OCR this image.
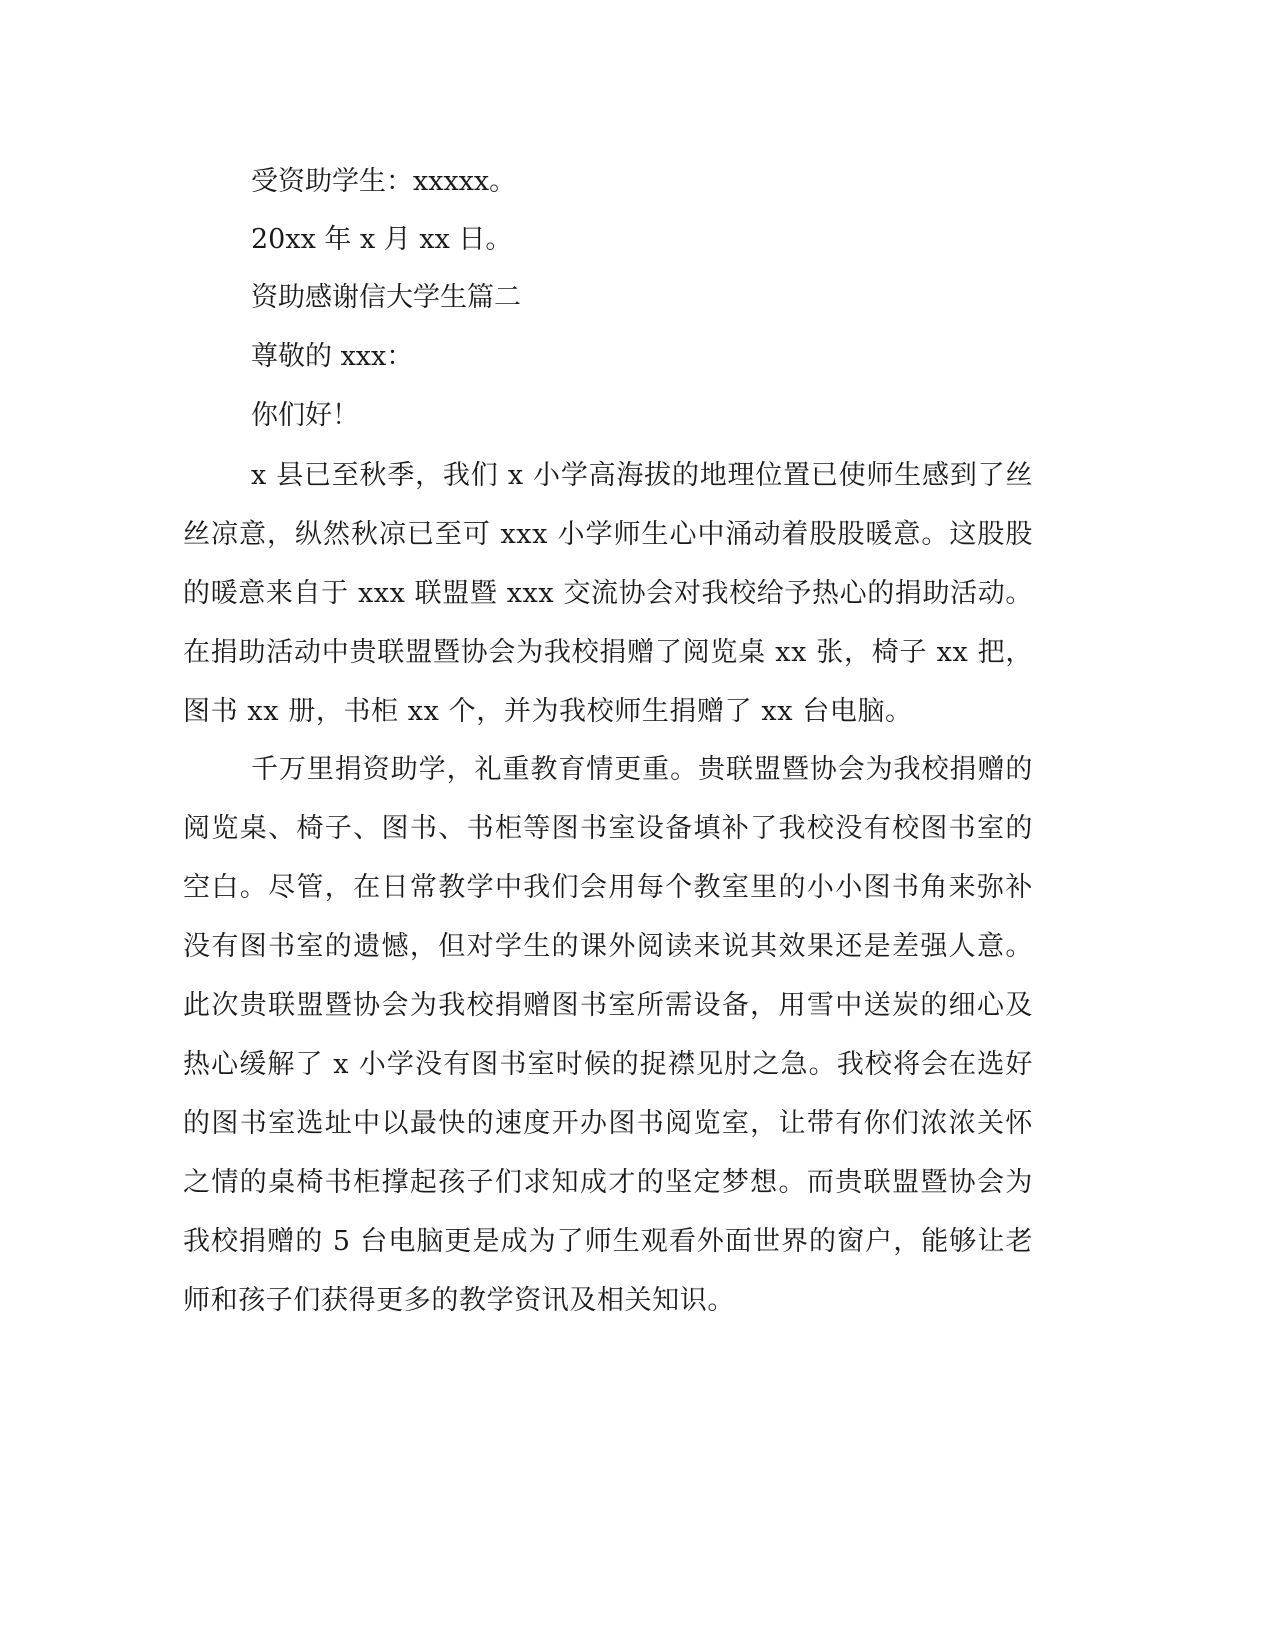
受资助学生：xxxxx。
20xx 年 x 月 xx 日。
资助感谢信大学生篇二
尊敬的 xxx：
你们好！

x 县已至秋季，我们 x 小学高海拔的地理位置已使师生感到了丝丝凉意，纵然秋凉已至可 xxx 小学师生心中涌动着股股暖意。这股股的暖意来自于 xxx 联盟暨 xxx 交流协会对我校给予热心的捐助活动。在捐助活动中贵联盟暨协会为我校捐赠了阅览桌 xx 张，椅子 xx 把，图书 xx 册，书柜 xx 个，并为我校师生捐赠了 xx 台电脑。

千万里捐资助学，礼重教育情更重。贵联盟暨协会为我校捐赠的阅览桌、椅子、图书、书柜等图书室设备填补了我校没有校图书室的空白。尽管，在日常教学中我们会用每个教室里的小小图书角来弥补没有图书室的遗憾，但对学生的课外阅读来说其效果还是差强人意。此次贵联盟暨协会为我校捐赠图书室所需设备，用雪中送炭的细心及热心缓解了 x 小学没有图书室时候的捉襟见肘之急。我校将会在选好的图书室选址中以最快的速度开办图书阅览室，让带有你们浓浓关怀之情的桌椅书柜撑起孩子们求知成才的坚定梦想。而贵联盟暨协会为我校捐赠的 5 台电脑更是成为了师生观看外面世界的窗户，能够让老师和孩子们获得更多的教学资讯及相关知识。
